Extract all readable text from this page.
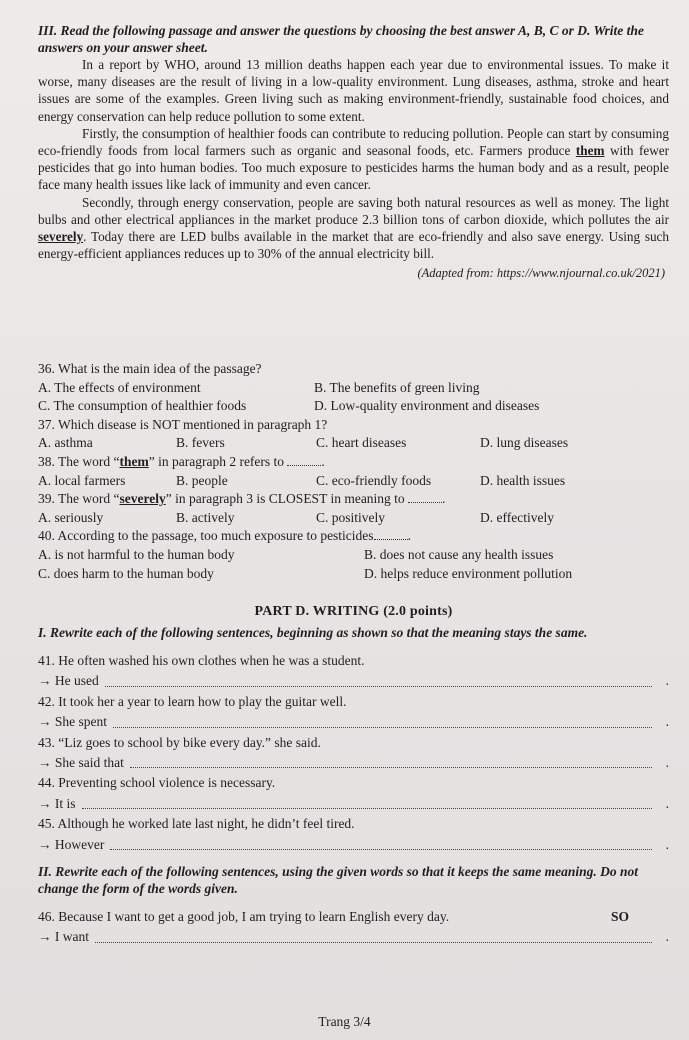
III. Read the following passage and answer the questions by choosing the best answer A, B, C or D. Write the answers on your answer sheet.

In a report by WHO, around 13 million deaths happen each year due to environmental issues. To make it worse, many diseases are the result of living in a low-quality environment. Lung diseases, asthma, stroke and heart issues are some of the examples. Green living such as making environment-friendly, sustainable food choices, and energy conservation can help reduce pollution to some extent.

Firstly, the consumption of healthier foods can contribute to reducing pollution. People can start by consuming eco-friendly foods from local farmers such as organic and seasonal foods, etc. Farmers produce them with fewer pesticides that go into human bodies. Too much exposure to pesticides harms the human body and as a result, people face many health issues like lack of immunity and even cancer.

Secondly, through energy conservation, people are saving both natural resources as well as money. The light bulbs and other electrical appliances in the market produce 2.3 billion tons of carbon dioxide, which pollutes the air severely. Today there are LED bulbs available in the market that are eco-friendly and also save energy. Using such energy-efficient appliances reduces up to 30% of the annual electricity bill.

(Adapted from: https://www.njournal.co.uk/2021)
36. What is the main idea of the passage?
A. The effects of environment	B. The benefits of green living
C. The consumption of healthier foods	D. Low-quality environment and diseases
37. Which disease is NOT mentioned in paragraph 1?
A. asthma	B. fevers	C. heart diseases	D. lung diseases
38. The word “them” in paragraph 2 refers to	.
A. local farmers	B. people	C. eco-friendly foods	D. health issues
39. The word “severely” in paragraph 3 is CLOSEST in meaning to	.
A. seriously	B. actively	C. positively	D. effectively
40. According to the passage, too much exposure to pesticides	.
A. is not harmful to the human body	B. does not cause any health issues
C. does harm to the human body	D. helps reduce environment pollution
PART D. WRITING (2.0 points)
I. Rewrite each of the following sentences, beginning as shown so that the meaning stays the same.
41. He often washed his own clothes when he was a student.
→ He used	.
42. It took her a year to learn how to play the guitar well.
→ She spent	.
43. “Liz goes to school by bike every day.” she said.
→ She said that	.
44. Preventing school violence is necessary.
→ It is	.
45. Although he worked late last night, he didn’t feel tired.
→ However	.
II. Rewrite each of the following sentences, using the given words so that it keeps the same meaning. Do not change the form of the words given.
46. Because I want to get a good job, I am trying to learn English every day.	SO
→ I want	.
Trang 3/4
